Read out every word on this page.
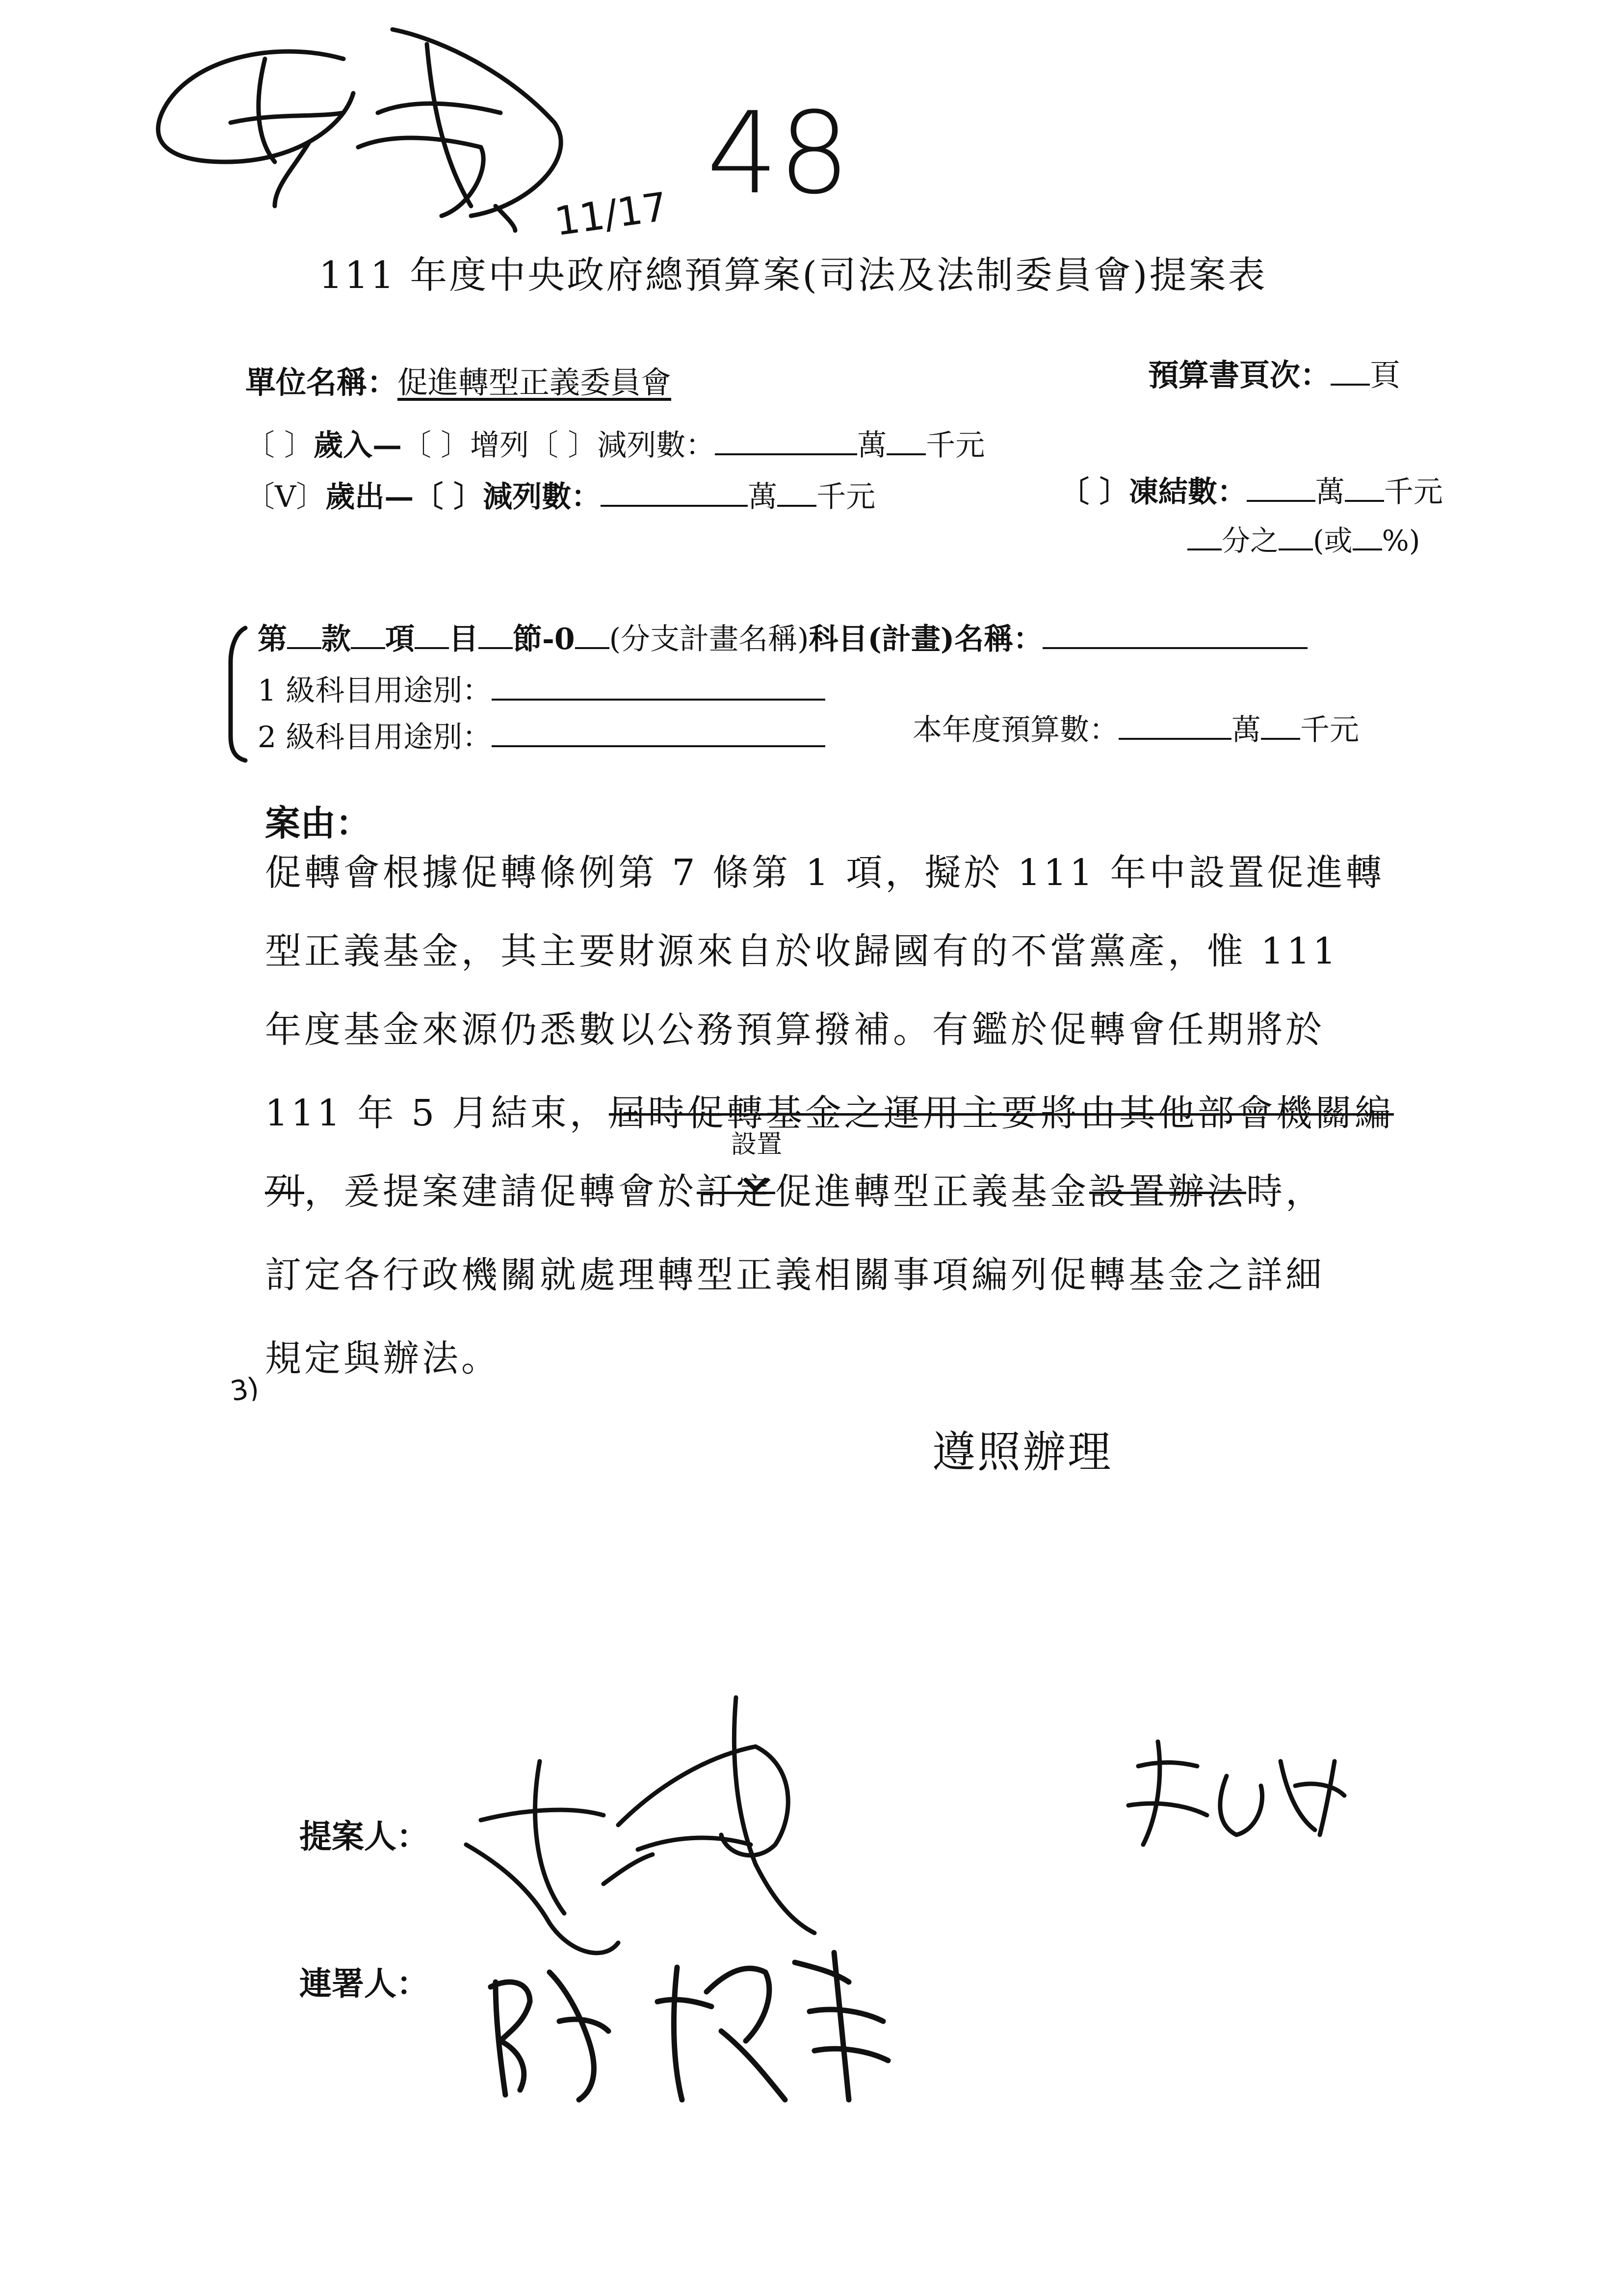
48
11/17
111 年度中央政府總預算案(司法及法制委員會)提案表
單位名稱：促進轉型正義委員會	預算書頁次： 頁
〔 〕歲入—〔 〕增列〔 〕減列數：	萬 千元
〔V〕歲出—〔 〕減列數：	萬 千元	〔 〕凍結數： 萬 千元
分之 (或 %)
第 款 項 目 節-0 (分支計畫名稱)科目(計畫)名稱：
1 級科目用途別：
2 級科目用途別：	本年度預算數：	萬 千元
案由：
促轉會根據促轉條例第 7 條第 1 項，擬於 111 年中設置促進轉
型正義基金，其主要財源來自於收歸國有的不當黨產，惟 111
年度基金來源仍悉數以公務預算撥補。有鑑於促轉會任期將於
111 年 5 月結束，屆時促轉基金之運用主要將由其他部會機關編
設置
列，爰提案建請促轉會於訂定促進轉型正義基金設置辦法時，
訂定各行政機關就處理轉型正義相關事項編列促轉基金之詳細
規定與辦法。
3)
遵照辦理
提案人：
連署人：
